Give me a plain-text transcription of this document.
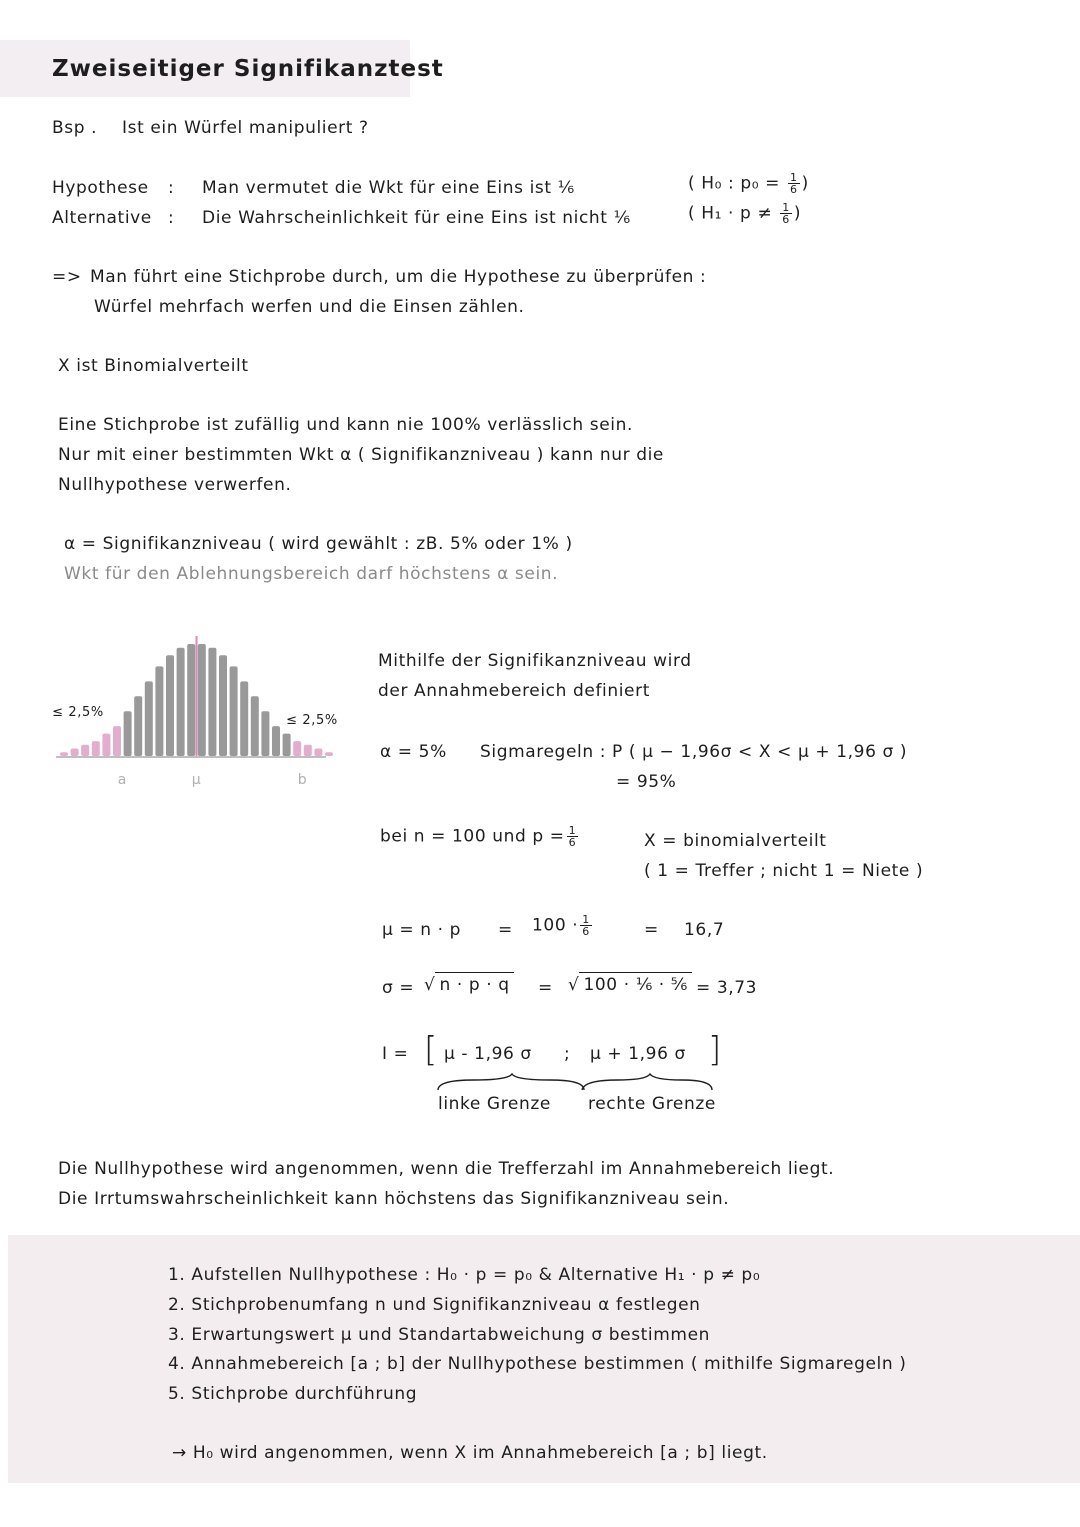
Zweiseitiger Signifikanztest
Bsp . Ist ein Würfel manipuliert ?
Hypothese : Man vermutet die Wkt für eine Eins ist ⅙	( H₀ : $p_0 = \frac{1}{6}$ )
Alternative : Die Wahrscheinlichkeit für eine Eins ist nicht ⅙	( $H_1 \cdot p \ne \frac{1}{6}$ )
=> Man führt eine Stichprobe durch, um die Hypothese zu überprüfen :
Würfel mehrfach werfen und die Einsen zählen.
X ist Binomialverteilt
Eine Stichprobe ist zufällig und kann nie 100% verlässlich sein.
Nur mit einer bestimmten Wkt α ( Signifikanzniveau ) kann nur die
Nullhypothese verwerfen.
α = Signifikanzniveau ( wird gewählt : zB. 5% oder 1% )
Wkt für den Ablehnungsbereich darf höchstens α sein.
≤ 2,5%
≤ 2,5%
a	μ	b
Mithilfe der Signifikanzniveau wird
der Annahmebereich definiert
α = 5% Sigmaregeln : P ( μ − 1,96σ < X < μ + 1,96 σ )
= 95%
bei n = 100 und $p = \frac{1}{6}$	X = binomialverteilt
( 1 = Treffer ; nicht 1 = Niete )
$\mu = n \cdot p = 100 \cdot \frac{1}{6}$	= 16,7
σ = √ n · p · q = √ 100 · ⅙ · ⅚ = 3,73
I = [ μ - 1,96 σ ; μ + 1,96 σ ]
linke Grenze rechte Grenze
Die Nullhypothese wird angenommen, wenn die Trefferzahl im Annahmebereich liegt.
Die Irrtumswahrscheinlichkeit kann höchstens das Signifikanzniveau sein.
1. Aufstellen Nullhypothese : H₀ · p = p₀ & Alternative H₁ · p ≠ p₀
2. Stichprobenumfang n und Signifikanzniveau α festlegen
3. Erwartungswert μ und Standartabweichung σ bestimmen
4. Annahmebereich [a ; b] der Nullhypothese bestimmen ( mithilfe Sigmaregeln )
5. Stichprobe durchführung
→ H₀ wird angenommen, wenn X im Annahmebereich [a ; b] liegt.
